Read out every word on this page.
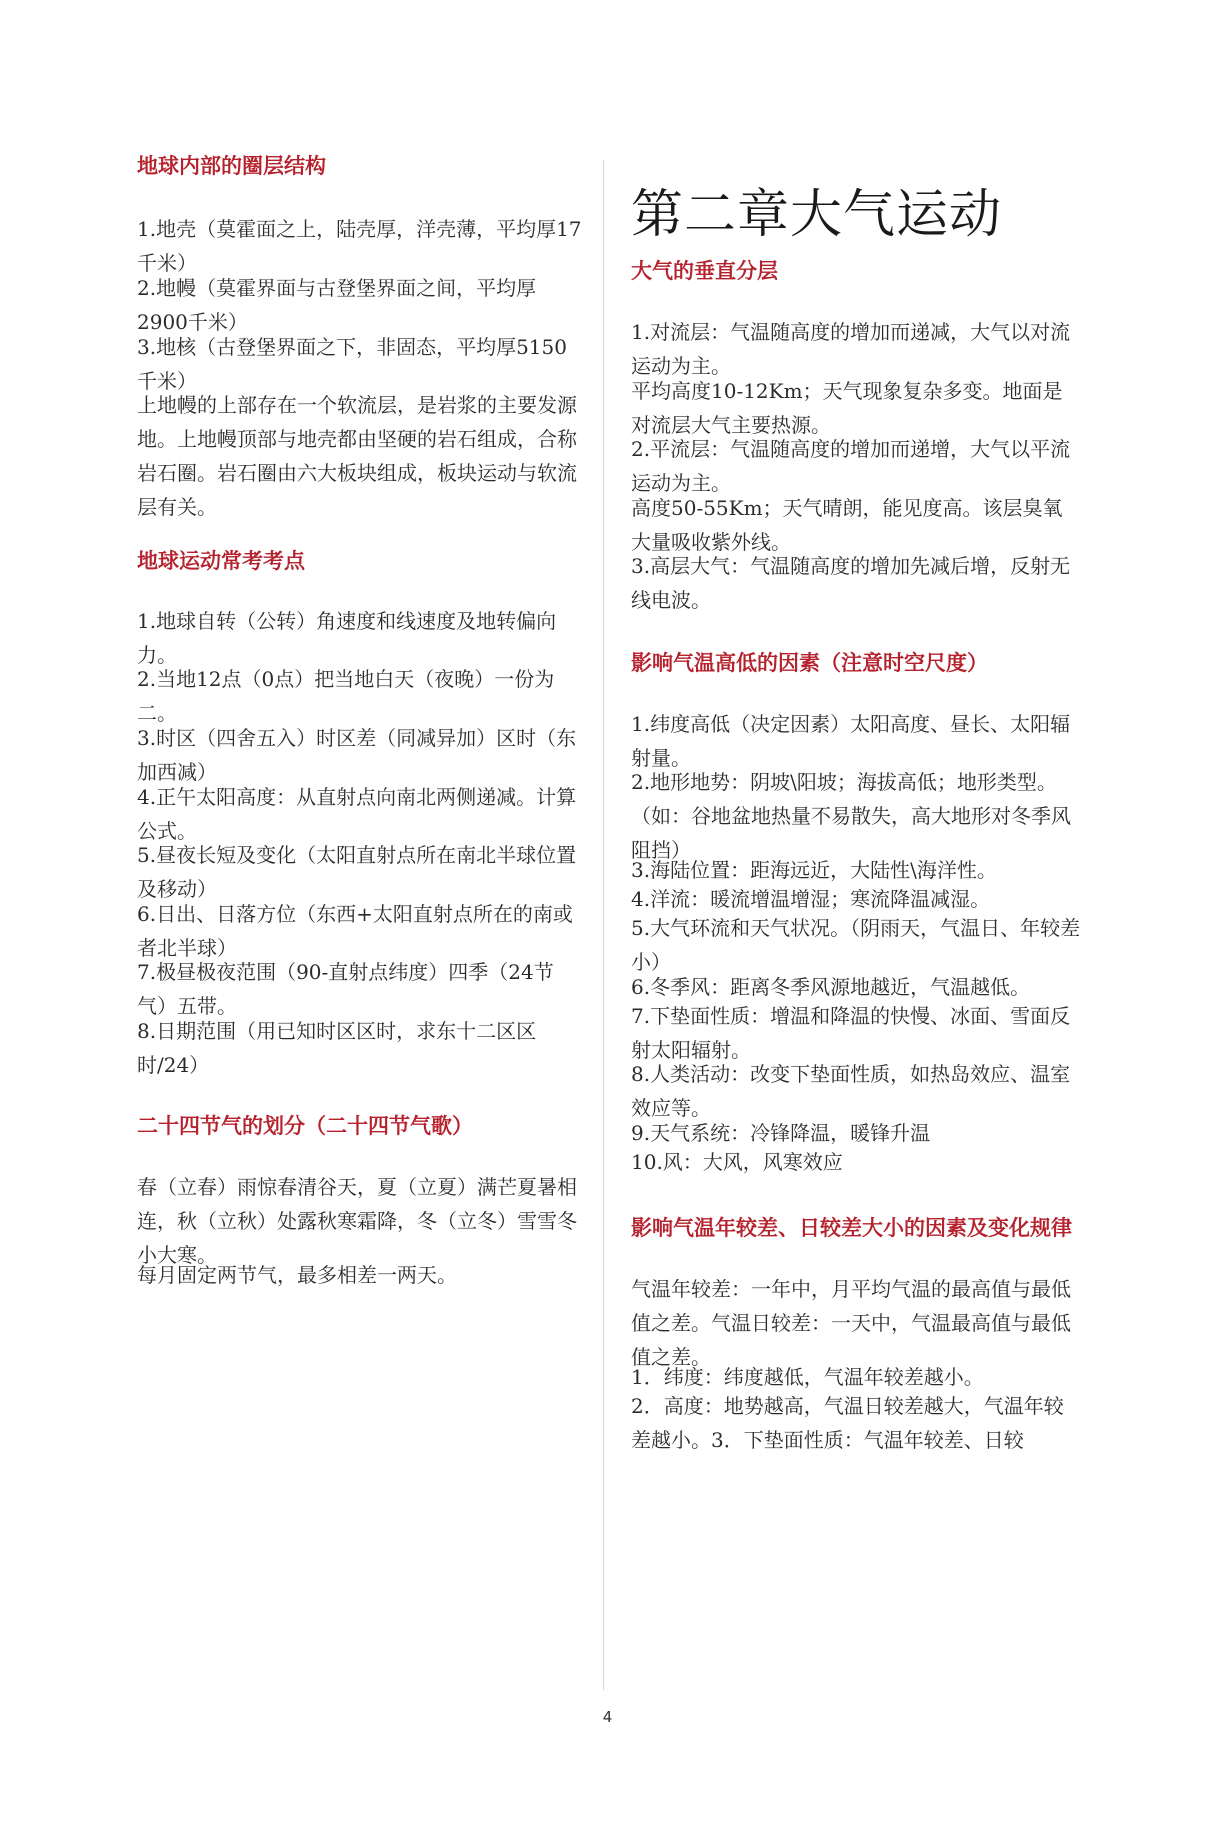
地球内部的圈层结构

1.地壳（莫霍面之上，陆壳厚，洋壳薄，平均厚17千米）

2.地幔（莫霍界面与古登堡界面之间，平均厚2900千米）

3.地核（古登堡界面之下，非固态，平均厚5150千米）

上地幔的上部存在一个软流层，是岩浆的主要发源地。上地幔顶部与地壳都由坚硬的岩石组成，合称岩石圈。岩石圈由六大板块组成，板块运动与软流层有关。

地球运动常考考点

1.地球自转（公转）角速度和线速度及地转偏向力。

2.当地12点（0点）把当地白天（夜晚）一份为二。

3.时区（四舍五入）时区差（同减异加）区时（东加西减）

4.正午太阳高度：从直射点向南北两侧递减。计算公式。

5.昼夜长短及变化（太阳直射点所在南北半球位置及移动）

6.日出、日落方位（东西+太阳直射点所在的南或者北半球）

7.极昼极夜范围（90-直射点纬度）四季（24节气）五带。

8.日期范围（用已知时区区时，求东十二区区时/24）

二十四节气的划分（二十四节气歌）

春（立春）雨惊春清谷天，夏（立夏）满芒夏暑相连，秋（立秋）处露秋寒霜降，冬（立冬）雪雪冬小大寒。

每月固定两节气，最多相差一两天。

第二章大气运动
大气的垂直分层

1.对流层：气温随高度的增加而递减，大气以对流运动为主。

平均高度10-12Km；天气现象复杂多变。地面是对流层大气主要热源。

2.平流层：气温随高度的增加而递增，大气以平流运动为主。

高度50-55Km；天气晴朗，能见度高。该层臭氧大量吸收紫外线。

3.高层大气：气温随高度的增加先减后增，反射无线电波。

影响气温高低的因素（注意时空尺度）

1.纬度高低（决定因素）太阳高度、昼长、太阳辐射量。

2.地形地势：阴坡\阳坡；海拔高低；地形类型。（如：谷地盆地热量不易散失，高大地形对冬季风阻挡）

3.海陆位置：距海远近，大陆性\海洋性。

4.洋流：暖流增温增湿；寒流降温减湿。

5.大气环流和天气状况。（阴雨天，气温日、年较差小）

6.冬季风：距离冬季风源地越近，气温越低。

7.下垫面性质：增温和降温的快慢、冰面、雪面反射太阳辐射。

8.人类活动：改变下垫面性质，如热岛效应、温室效应等。

9.天气系统：冷锋降温，暖锋升温

10.风：大风，风寒效应

影响气温年较差、日较差大小的因素及变化规律

气温年较差：一年中，月平均气温的最高值与最低值之差。气温日较差：一天中，气温最高值与最低值之差。

1．纬度：纬度越低，气温年较差越小。

2．高度：地势越高，气温日较差越大，气温年较差越小。3．下垫面性质：气温年较差、日较

4
